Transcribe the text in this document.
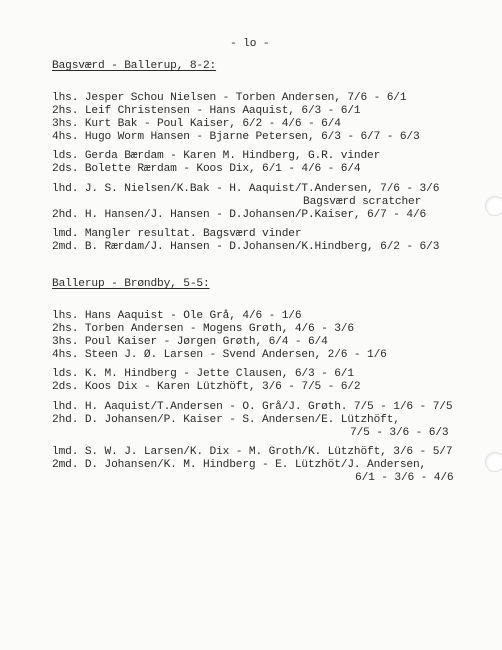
- lo -
Bagsværd - Ballerup, 8-2:
lhs. Jesper Schou Nielsen - Torben Andersen, 7/6 - 6/1
2hs. Leif Christensen - Hans Aaquist, 6/3 - 6/1
3hs. Kurt Bak - Poul Kaiser, 6/2 - 4/6 - 6/4
4hs. Hugo Worm Hansen - Bjarne Petersen, 6/3 - 6/7 - 6/3
lds. Gerda Bærdam - Karen M. Hindberg, G.R. vinder
2ds. Bolette Rærdam - Koos Dix, 6/1 - 4/6 - 6/4
lhd. J. S. Nielsen/K.Bak - H. Aaquist/T.Andersen, 7/6 - 3/6
Bagsværd scratcher
2hd. H. Hansen/J. Hansen - D.Johansen/P.Kaiser, 6/7 - 4/6
lmd. Mangler resultat. Bagsværd vinder
2md. B. Rærdam/J. Hansen - D.Johansen/K.Hindberg, 6/2 - 6/3
Ballerup - Brøndby, 5-5:
lhs. Hans Aaquist - Ole Grå, 4/6 - 1/6
2hs. Torben Andersen - Mogens Grøth, 4/6 - 3/6
3hs. Poul Kaiser - Jørgen Grøth, 6/4 - 6/4
4hs. Steen J. Ø. Larsen - Svend Andersen, 2/6 - 1/6
lds. K. M. Hindberg - Jette Clausen, 6/3 - 6/1
2ds. Koos Dix - Karen Lützhöft, 3/6 - 7/5 - 6/2
lhd. H. Aaquist/T.Andersen - O. Grå/J. Grøth. 7/5 - 1/6 - 7/5
2hd. D. Johansen/P. Kaiser - S. Andersen/E. Lützhöft,
7/5 - 3/6 - 6/3
lmd. S. W. J. Larsen/K. Dix - M. Groth/K. Lützhöft, 3/6 - 5/7
2md. D. Johansen/K. M. Hindberg - E. Lützhöt/J. Andersen,
6/1 - 3/6 - 4/6
